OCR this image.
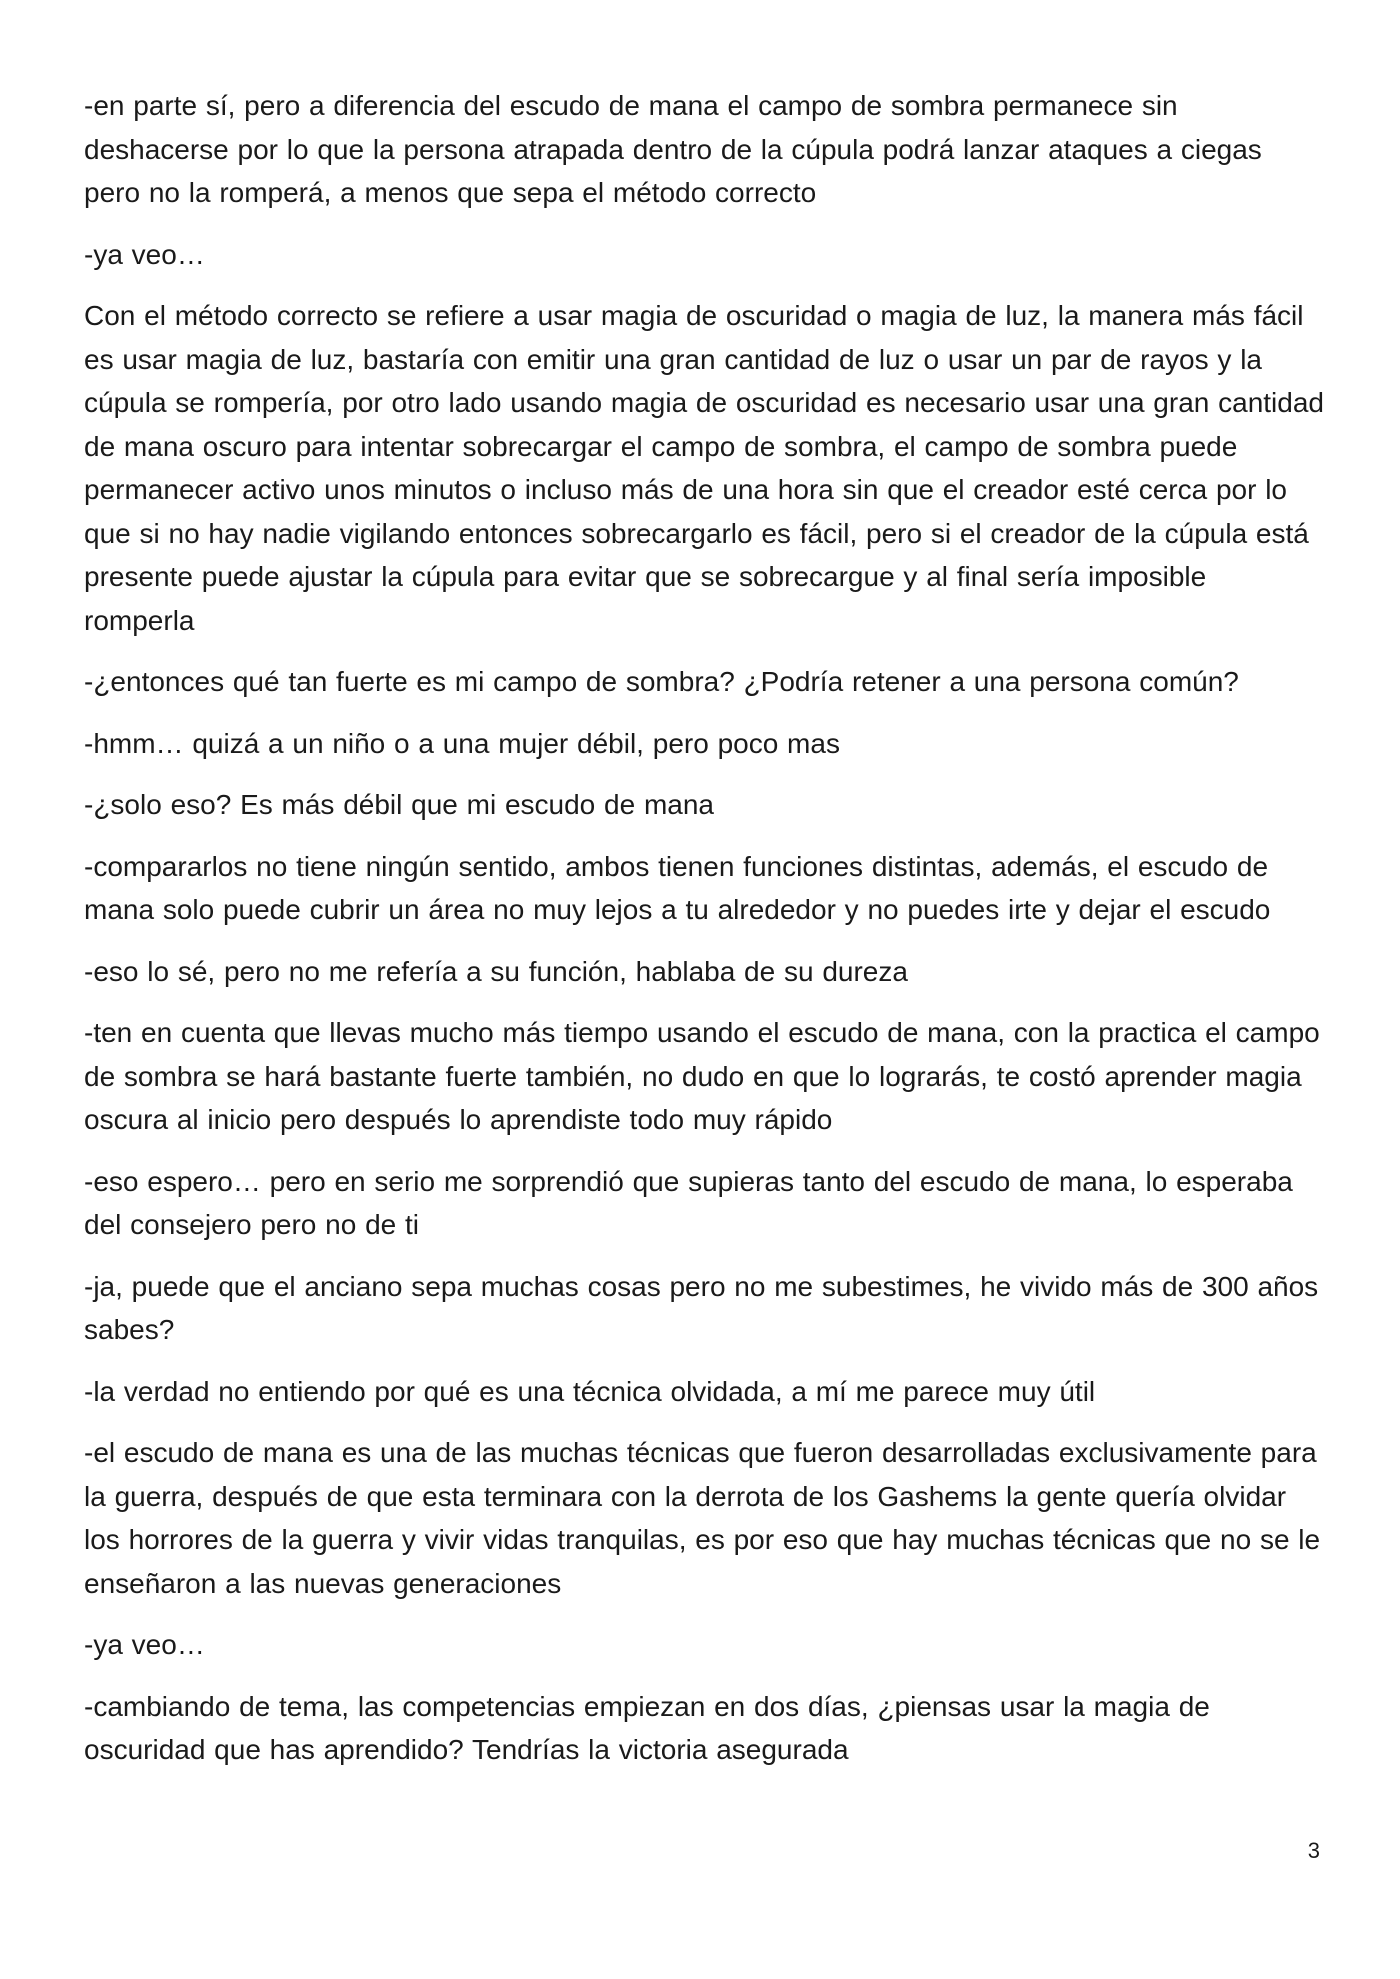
-en parte sí, pero a diferencia del escudo de mana el campo de sombra permanece sin deshacerse por lo que la persona atrapada dentro de la cúpula podrá lanzar ataques a ciegas pero no la romperá, a menos que sepa el método correcto

-ya veo…

Con el método correcto se refiere a usar magia de oscuridad o magia de luz, la manera más fácil es usar magia de luz, bastaría con emitir una gran cantidad de luz o usar un par de rayos y la cúpula se rompería, por otro lado usando magia de oscuridad es necesario usar una gran cantidad de mana oscuro para intentar sobrecargar el campo de sombra, el campo de sombra puede permanecer activo unos minutos o incluso más de una hora sin que el creador esté cerca por lo que si no hay nadie vigilando entonces sobrecargarlo es fácil, pero si el creador de la cúpula está presente puede ajustar la cúpula para evitar que se sobrecargue y al final sería imposible romperla

-¿entonces qué tan fuerte es mi campo de sombra? ¿Podría retener a una persona común?

-hmm… quizá a un niño o a una mujer débil, pero poco mas

-¿solo eso? Es más débil que mi escudo de mana

-compararlos no tiene ningún sentido, ambos tienen funciones distintas, además, el escudo de mana solo puede cubrir un área no muy lejos a tu alrededor y no puedes irte y dejar el escudo

-eso lo sé, pero no me refería a su función, hablaba de su dureza

-ten en cuenta que llevas mucho más tiempo usando el escudo de mana, con la practica el campo de sombra se hará bastante fuerte también, no dudo en que lo lograrás, te costó aprender magia oscura al inicio pero después lo aprendiste todo muy rápido

-eso espero… pero en serio me sorprendió que supieras tanto del escudo de mana, lo esperaba del consejero pero no de ti

-ja, puede que el anciano sepa muchas cosas pero no me subestimes, he vivido más de 300 años sabes?

-la verdad no entiendo por qué es una técnica olvidada, a mí me parece muy útil

-el escudo de mana es una de las muchas técnicas que fueron desarrolladas exclusivamente para la guerra, después de que esta terminara con la derrota de los Gashems la gente quería olvidar los horrores de la guerra y vivir vidas tranquilas, es por eso que hay muchas técnicas que no se le enseñaron a las nuevas generaciones

-ya veo…

-cambiando de tema, las competencias empiezan en dos días, ¿piensas usar la magia de oscuridad que has aprendido? Tendrías la victoria asegurada

3
